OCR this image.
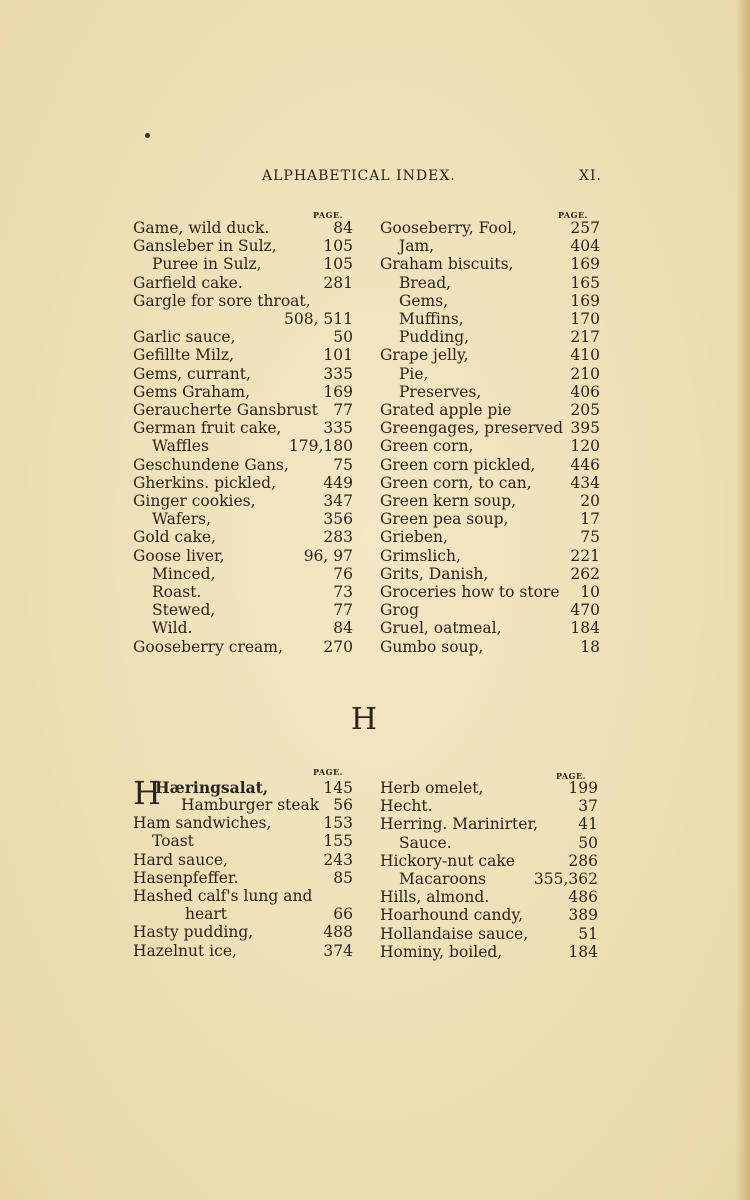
ALPHABETICAL INDEX.	XI.
PAGE.
Game, wild duck.	84
Gansleber in Sulz,	105
Puree in Sulz,	105
Garfield cake.	281
Gargle for sore throat,
508, 511
Garlic sauce,	50
Gefillte Milz,	101
Gems, currant,	335
Gems Graham,	169
Geraucherte Gansbrust 77
German fruit cake,	335
Waffles	179,180
Geschundene Gans,	75
Gherkins. pickled,	449
Ginger cookies,	347
Wafers,	356
Gold cake,	283
Goose liver,	96, 97
Minced,	76
Roast.	73
Stewed,	77
Wild.	84
Gooseberry cream,	270
PAGE.
Gooseberry, Fool,	257
Jam,	404
Graham biscuits,	169
Bread,	165
Gems,	169
Muffins,	170
Pudding,	217
Grape jelly,	410
Pie,	210
Preserves,	406
Grated apple pie	205
Greengages, preserved 395
Green corn,	120
Green corn pickled, 446
Green corn, to can,	434
Green kern soup,	20
Green pea soup,	17
Grieben,	75
Grimslich,	221
Grits, Danish,	262
Groceries how to store 10
Grog	470
Gruel, oatmeal,	184
Gumbo soup,	18
H
PAGE.
H
Hæringsalat,	145
Hamburger steak 56
Ham sandwiches,	153
Toast	155
Hard sauce,	243
Hasenpfeffer.	85
Hashed calf's lung and
heart	66
Hasty pudding,	488
Hazelnut ice,	374
PAGE.
Herb omelet,	199
Hecht.	37
Herring. Marinirter,	41
Sauce.	50
Hickory-nut cake	286
Macaroons	355,362
Hills, almond.	486
Hoarhound candy,	389
Hollandaise sauce,	51
Hominy, boiled,	184
